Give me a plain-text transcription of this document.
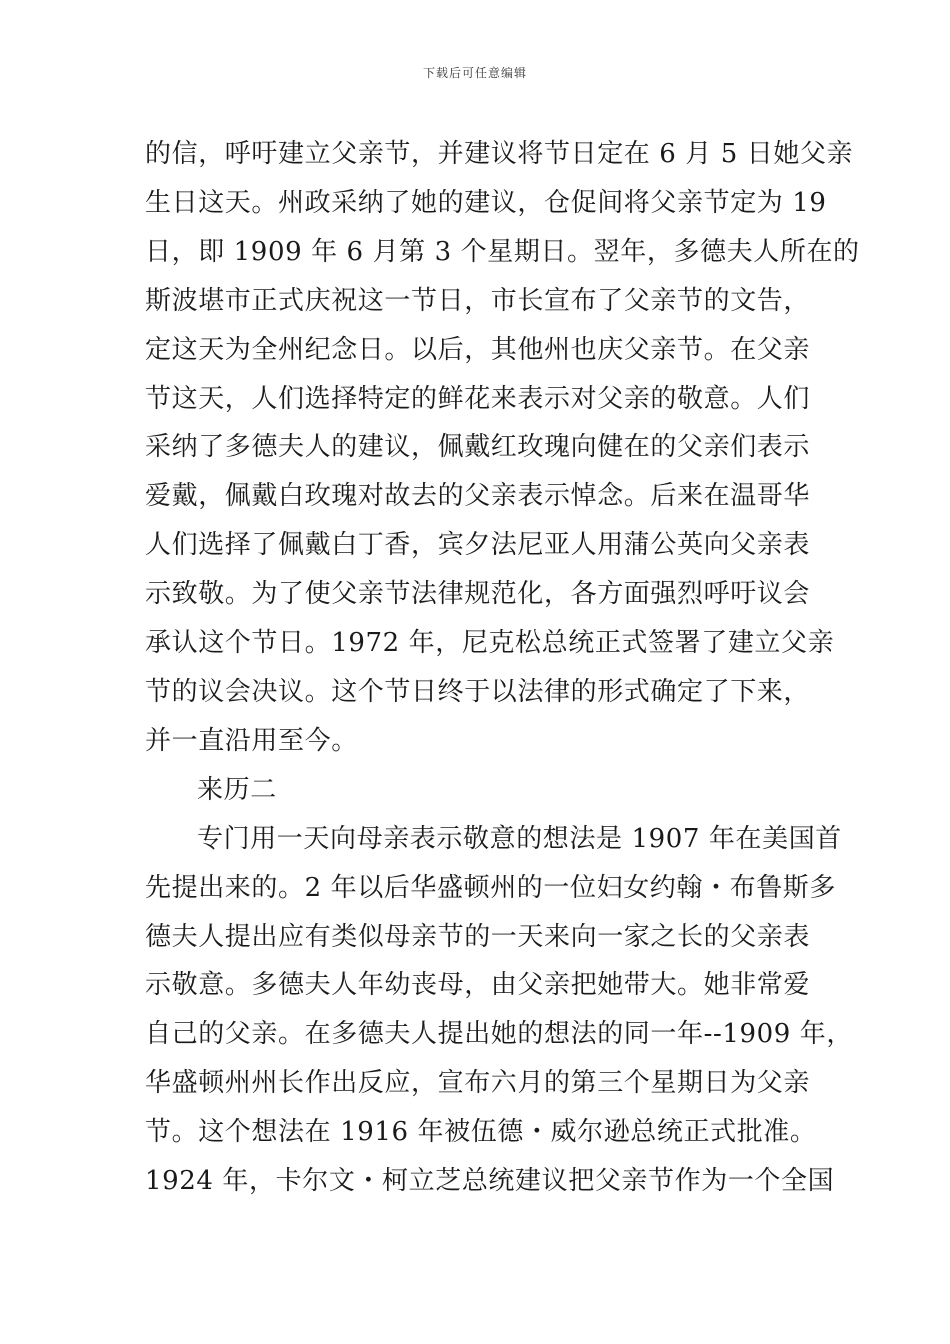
下载后可任意编辑
的信，呼吁建立父亲节，并建议将节日定在 6 月 5 日她父亲
生日这天。州政采纳了她的建议，仓促间将父亲节定为 19
日，即 1909 年 6 月第 3 个星期日。翌年，多德夫人所在的
斯波堪市正式庆祝这一节日，市长宣布了父亲节的文告，
定这天为全州纪念日。以后，其他州也庆父亲节。在父亲
节这天，人们选择特定的鲜花来表示对父亲的敬意。人们
采纳了多德夫人的建议，佩戴红玫瑰向健在的父亲们表示
爱戴，佩戴白玫瑰对故去的父亲表示悼念。后来在温哥华
人们选择了佩戴白丁香，宾夕法尼亚人用蒲公英向父亲表
示致敬。为了使父亲节法律规范化，各方面强烈呼吁议会
承认这个节日。1972 年，尼克松总统正式签署了建立父亲
节的议会决议。这个节日终于以法律的形式确定了下来，
并一直沿用至今。
来历二
专门用一天向母亲表示敬意的想法是 1907 年在美国首
先提出来的。2 年以后华盛顿州的一位妇女约翰・布鲁斯多
德夫人提出应有类似母亲节的一天来向一家之长的父亲表
示敬意。多德夫人年幼丧母，由父亲把她带大。她非常爱
自己的父亲。在多德夫人提出她的想法的同一年--1909 年，
华盛顿州州长作出反应，宣布六月的第三个星期日为父亲
节。这个想法在 1916 年被伍德・威尔逊总统正式批准。
1924 年，卡尔文・柯立芝总统建议把父亲节作为一个全国
